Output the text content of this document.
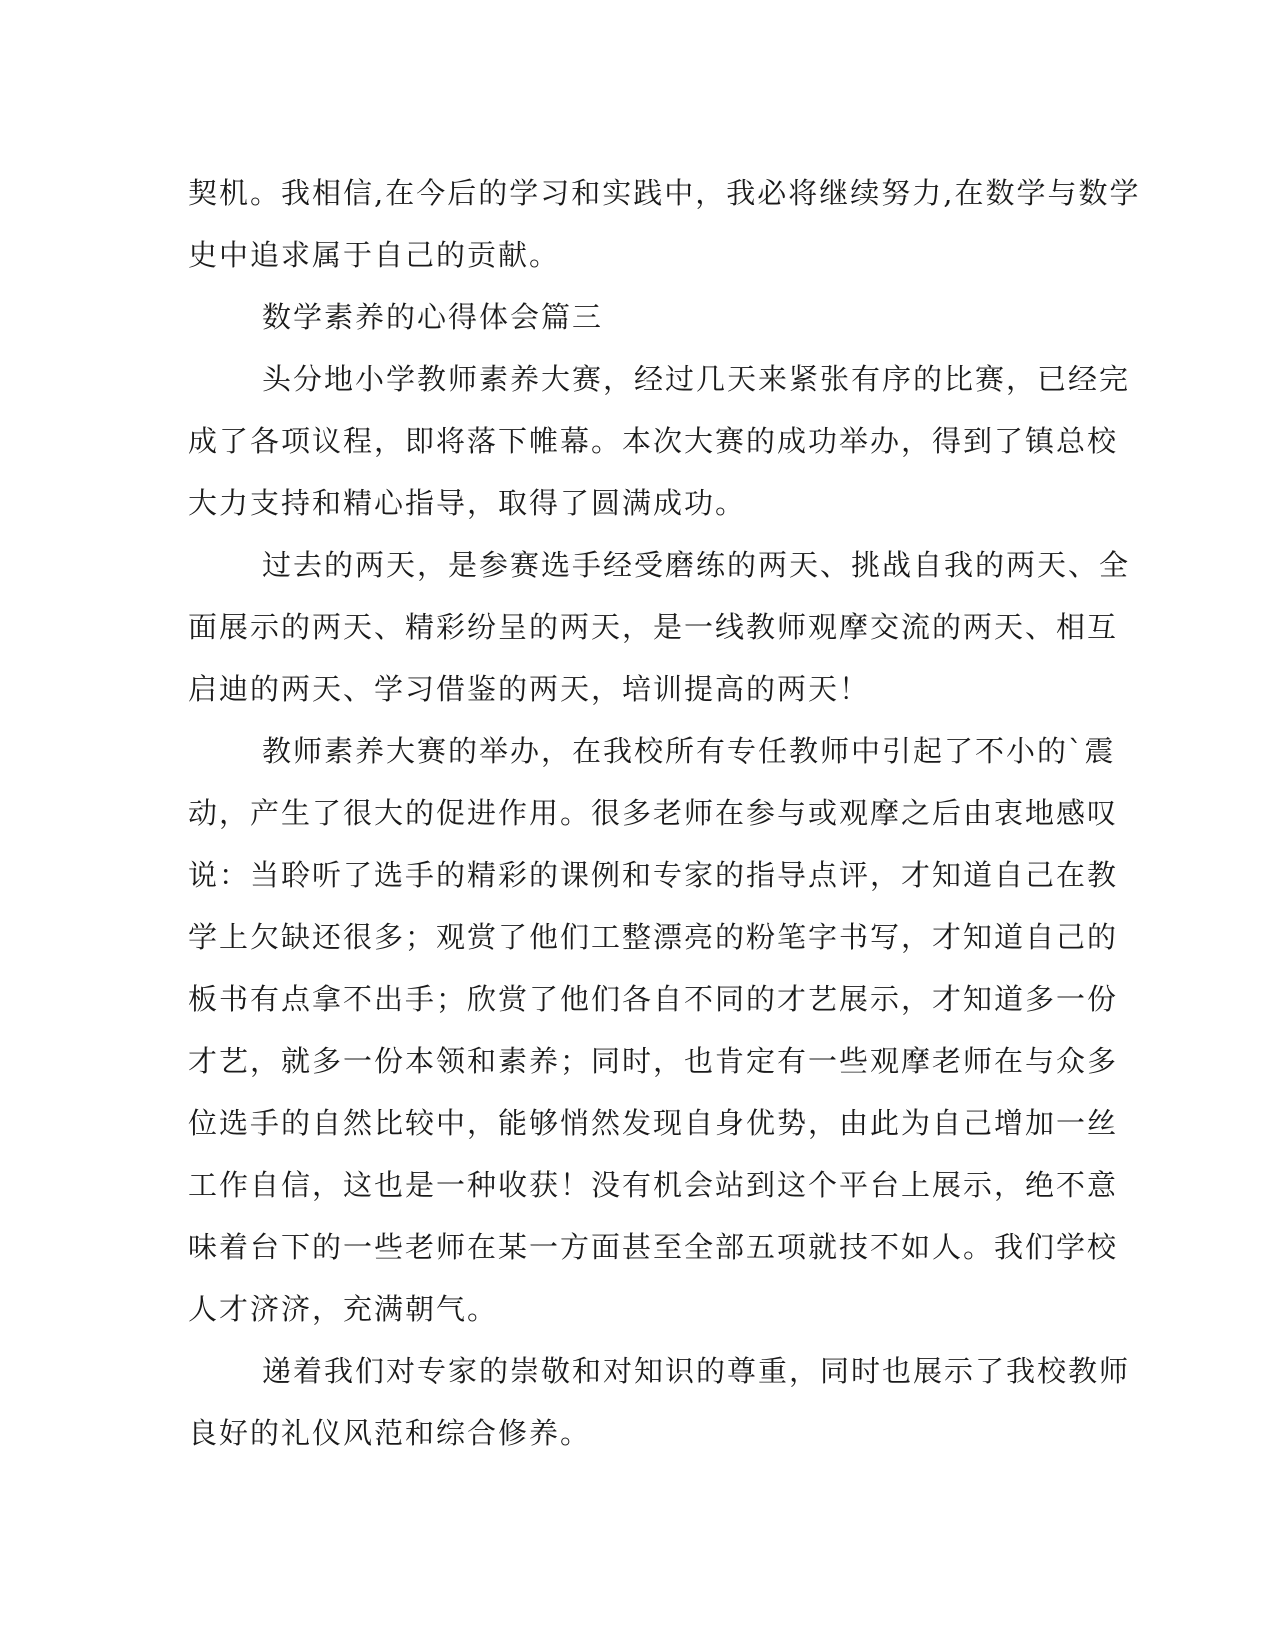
契机。我相信,在今后的学习和实践中，我必将继续努力,在数学与数学
史中追求属于自己的贡献。

数学素养的心得体会篇三

头分地小学教师素养大赛，经过几天来紧张有序的比赛，已经完
成了各项议程，即将落下帷幕。本次大赛的成功举办，得到了镇总校
大力支持和精心指导，取得了圆满成功。

过去的两天，是参赛选手经受磨练的两天、挑战自我的两天、全
面展示的两天、精彩纷呈的两天，是一线教师观摩交流的两天、相互
启迪的两天、学习借鉴的两天，培训提高的两天！

教师素养大赛的举办，在我校所有专任教师中引起了不小的`震
动，产生了很大的促进作用。很多老师在参与或观摩之后由衷地感叹
说：当聆听了选手的精彩的课例和专家的指导点评，才知道自己在教
学上欠缺还很多；观赏了他们工整漂亮的粉笔字书写，才知道自己的
板书有点拿不出手；欣赏了他们各自不同的才艺展示，才知道多一份
才艺，就多一份本领和素养；同时，也肯定有一些观摩老师在与众多
位选手的自然比较中，能够悄然发现自身优势，由此为自己增加一丝
工作自信，这也是一种收获！没有机会站到这个平台上展示，绝不意
味着台下的一些老师在某一方面甚至全部五项就技不如人。我们学校
人才济济，充满朝气。

递着我们对专家的崇敬和对知识的尊重，同时也展示了我校教师
良好的礼仪风范和综合修养。
